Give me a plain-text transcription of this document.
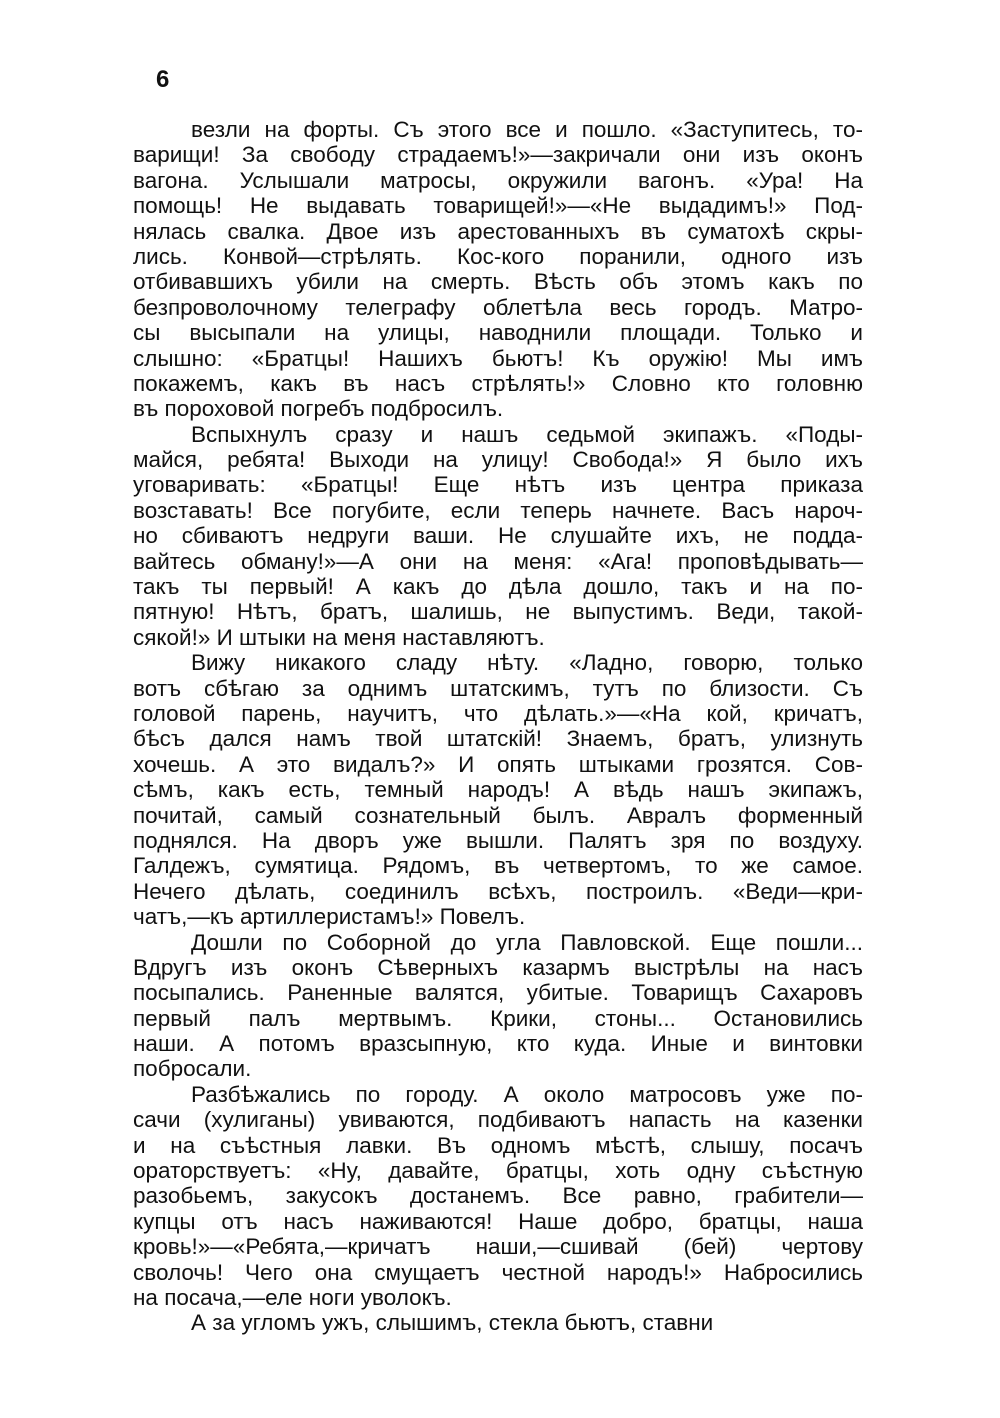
6
везли на форты. Съ этого все и пошло. «Заступитесь, то-
варищи! За свободу страдаемъ!»—закричали они изъ оконъ
вагона. Услышали матросы, окружили вагонъ. «Ура! На
помощь! Не выдавать товарищей!»—«Не выдадимъ!» Под-
нялась свалка. Двое изъ арестованныхъ въ суматохѣ скры-
лись. Конвой—стрѣлять. Кос-кого поранили, одного изъ
отбивавшихъ убили на смерть. Вѣсть объ этомъ какъ по
безпроволочному телеграфу облетѣла весь городъ. Матро-
сы высыпали на улицы, наводнили площади. Только и
слышно: «Братцы! Нашихъ бьютъ! Къ оружію! Мы имъ
покажемъ, какъ въ насъ стрѣлять!» Словно кто головню
въ пороховой погребъ подбросилъ.
Вспыхнулъ сразу и нашъ седьмой экипажъ. «Поды-
майся, ребята! Выходи на улицу! Свобода!» Я было ихъ
уговаривать: «Братцы! Еще нѣтъ изъ центра приказа
возставать! Все погубите, если теперь начнете. Васъ нароч-
но сбиваютъ недруги ваши. Не слушайте ихъ, не подда-
вайтесь обману!»—А они на меня: «Ага! проповѣдывать—
такъ ты первый! А какъ до дѣла дошло, такъ и на по-
пятную! Нѣтъ, братъ, шалишь, не выпустимъ. Веди, такой-
сякой!» И штыки на меня наставляютъ.
Вижу никакого сладу нѣту. «Ладно, говорю, только
вотъ сбѣгаю за однимъ штатскимъ, тутъ по близости. Съ
головой парень, научитъ, что дѣлать.»—«На кой, кричатъ,
бѣсъ дался намъ твой штатскій! Знаемъ, братъ, улизнуть
хочешь. А это видалъ?» И опять штыками грозятся. Сов-
сѣмъ, какъ есть, темный народъ! А вѣдь нашъ экипажъ,
почитай, самый сознательный былъ. Авралъ форменный
поднялся. На дворъ уже вышли. Палятъ зря по воздуху.
Галдежъ, сумятица. Рядомъ, въ четвертомъ, то же самое.
Нечего дѣлать, соединилъ всѣхъ, построилъ. «Веди—кри-
чатъ,—къ артиллеристамъ!» Повелъ.
Дошли по Соборной до угла Павловской. Еще пошли...
Вдругъ изъ оконъ Сѣверныхъ казармъ выстрѣлы на насъ
посыпались. Раненные валятся, убитые. Товарищъ Сахаровъ
первый палъ мертвымъ. Крики, стоны... Остановились
наши. А потомъ вразсыпную, кто куда. Иные и винтовки
побросали.
Разбѣжались по городу. А около матросовъ уже по-
сачи (хулиганы) увиваются, подбиваютъ напасть на казенки
и на съѣстныя лавки. Въ одномъ мѣстѣ, слышу, посачъ
ораторствуетъ: «Ну, давайте, братцы, хоть одну съѣстную
разобьемъ, закусокъ достанемъ. Все равно, грабители—
купцы отъ насъ наживаются! Наше добро, братцы, наша
кровь!»—«Ребята,—кричатъ наши,—сшивай (бей) чертову
сволочь! Чего она смущаетъ честной народъ!» Набросились
на посача,—еле ноги уволокъ.
А за угломъ ужъ, слышимъ, стекла бьютъ, ставни
